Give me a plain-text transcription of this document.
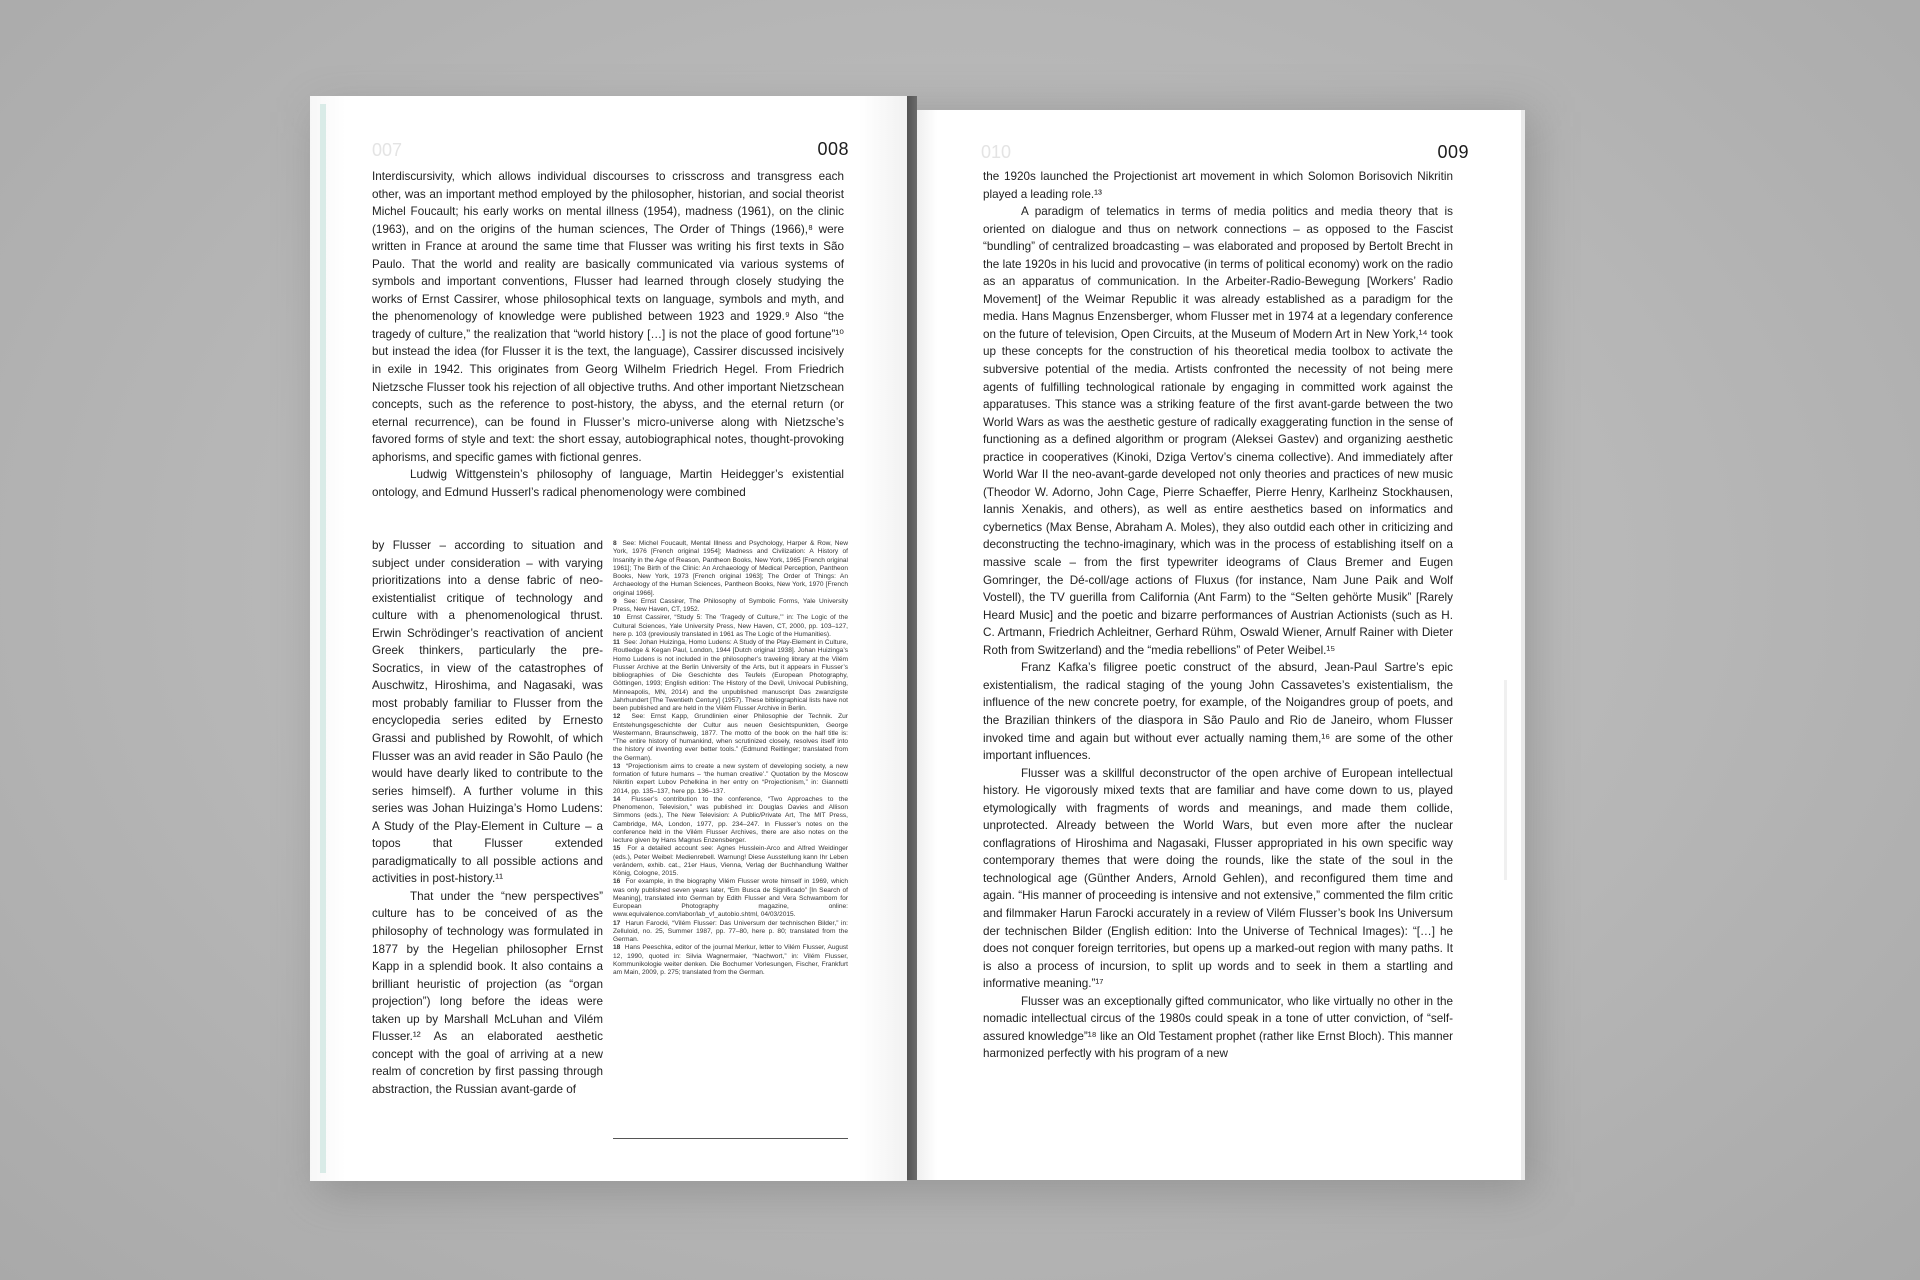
010	009

the 1920s launched the Projectionist art movement in which Solomon Borisovich Nikritin played a leading role.¹³

A paradigm of telematics in terms of media politics and media theory that is oriented on dialogue and thus on network connections – as opposed to the Fascist “bundling” of centralized broadcasting – was elaborated and proposed by Bertolt Brecht in the late 1920s in his lucid and provocative (in terms of political economy) work on the radio as an apparatus of communication. In the Arbeiter-Radio-Bewegung [Workers’ Radio Movement] of the Weimar Republic it was already established as a paradigm for the media. Hans Magnus Enzensberger, whom Flusser met in 1974 at a legendary conference on the future of television, Open Circuits, at the Museum of Modern Art in New York,¹⁴ took up these concepts for the construction of his theoretical media toolbox to activate the subversive potential of the media. Artists confronted the necessity of not being mere agents of fulfilling technological rationale by engaging in committed work against the apparatuses. This stance was a striking feature of the first avant-garde between the two World Wars as was the aesthetic gesture of radically exaggerating function in the sense of functioning as a defined algorithm or program (Aleksei Gastev) and organizing aesthetic practice in cooperatives (Kinoki, Dziga Vertov’s cinema collective). And immediately after World War II the neo-avant-garde developed not only theories and practices of new music (Theodor W. Adorno, John Cage, Pierre Schaeffer, Pierre Henry, Karlheinz Stockhausen, Iannis Xenakis, and others), as well as entire aesthetics based on informatics and cybernetics (Max Bense, Abraham A. Moles), they also outdid each other in criticizing and deconstructing the techno-imaginary, which was in the process of establishing itself on a massive scale – from the first typewriter ideograms of Claus Bremer and Eugen Gomringer, the Dé-coll/age actions of Fluxus (for instance, Nam June Paik and Wolf Vostell), the TV guerilla from California (Ant Farm) to the “Selten gehörte Musik” [Rarely Heard Music] and the poetic and bizarre performances of Austrian Actionists (such as H. C. Artmann, Friedrich Achleitner, Gerhard Rühm, Oswald Wiener, Arnulf Rainer with Dieter Roth from Switzerland) and the “media rebellions” of Peter Weibel.¹⁵

Franz Kafka’s filigree poetic construct of the absurd, Jean-Paul Sartre’s epic existentialism, the radical staging of the young John Cassavetes’s existentialism, the influence of the new concrete poetry, for example, of the Noigandres group of poets, and the Brazilian thinkers of the diaspora in São Paulo and Rio de Janeiro, whom Flusser invoked time and again but without ever actually naming them,¹⁶ are some of the other important influences.

Flusser was a skillful deconstructor of the open archive of European intellectual history. He vigorously mixed texts that are familiar and have come down to us, played etymologically with fragments of words and meanings, and made them collide, unprotected. Already between the World Wars, but even more after the nuclear conflagrations of Hiroshima and Nagasaki, Flusser appropriated in his own specific way contemporary themes that were doing the rounds, like the state of the soul in the technological age (Günther Anders, Arnold Gehlen), and reconfigured them time and again. “His manner of proceeding is intensive and not extensive,” commented the film critic and filmmaker Harun Farocki accurately in a review of Vilém Flusser’s book Ins Universum der technischen Bilder (English edition: Into the Universe of Technical Images): “[…] he does not conquer foreign territories, but opens up a marked-out region with many paths. It is also a process of incursion, to split up words and to seek in them a startling and informative meaning.”¹⁷

Flusser was an exceptionally gifted communicator, who like virtually no other in the nomadic intellectual circus of the 1980s could speak in a tone of utter conviction, of “self-assured knowledge”¹⁸ like an Old Testament prophet (rather like Ernst Bloch). This manner harmonized perfectly with his program of a new

007	008

Interdiscursivity, which allows individual discourses to crisscross and transgress each other, was an important method employed by the philosopher, historian, and social theorist Michel Foucault; his early works on mental illness (1954), madness (1961), on the clinic (1963), and on the origins of the human sciences, The Order of Things (1966),⁸ were written in France at around the same time that Flusser was writing his first texts in São Paulo. That the world and reality are basically communicated via various systems of symbols and important conventions, Flusser had learned through closely studying the works of Ernst Cassirer, whose philosophical texts on language, symbols and myth, and the phenomenology of knowledge were published between 1923 and 1929.⁹ Also “the tragedy of culture,” the realization that “world history […] is not the place of good fortune”¹⁰ but instead the idea (for Flusser it is the text, the language), Cassirer discussed incisively in exile in 1942. This originates from Georg Wilhelm Friedrich Hegel. From Friedrich Nietzsche Flusser took his rejection of all objective truths. And other important Nietzschean concepts, such as the reference to post-history, the abyss, and the eternal return (or eternal recurrence), can be found in Flusser’s micro-universe along with Nietzsche’s favored forms of style and text: the short essay, autobiographical notes, thought-provoking aphorisms, and specific games with fictional genres.

Ludwig Wittgenstein’s philosophy of language, Martin Heidegger’s existential ontology, and Edmund Husserl’s radical phenomenology were combined

by Flusser – according to situation and subject under consideration – with varying prioritizations into a dense fabric of neo-existentialist critique of technology and culture with a phenomenological thrust. Erwin Schrödinger’s reactivation of ancient Greek thinkers, particularly the pre-Socratics, in view of the catastrophes of Auschwitz, Hiroshima, and Nagasaki, was most probably familiar to Flusser from the encyclopedia series edited by Ernesto Grassi and published by Rowohlt, of which Flusser was an avid reader in São Paulo (he would have dearly liked to contribute to the series himself). A further volume in this series was Johan Huizinga’s Homo Ludens: A Study of the Play-Element in Culture – a topos that Flusser extended paradigmatically to all possible actions and activities in post-history.¹¹

That under the “new perspectives” culture has to be conceived of as the philosophy of technology was formulated in 1877 by the Hegelian philosopher Ernst Kapp in a splendid book. It also contains a brilliant heuristic of projection (as “organ projection”) long before the ideas were taken up by Marshall McLuhan and Vilém Flusser.¹² As an elaborated aesthetic concept with the goal of arriving at a new realm of concretion by first passing through abstraction, the Russian avant-garde of

8 See: Michel Foucault, Mental Illness and Psychology, Harper & Row, New York, 1976 [French original 1954]; Madness and Civilization: A History of Insanity in the Age of Reason, Pantheon Books, New York, 1965 [French original 1961]; The Birth of the Clinic: An Archaeology of Medical Perception, Pantheon Books, New York, 1973 [French original 1963]; The Order of Things: An Archaeology of the Human Sciences, Pantheon Books, New York, 1970 [French original 1966].

9 See: Ernst Cassirer, The Philosophy of Symbolic Forms, Yale University Press, New Haven, CT, 1952.

10 Ernst Cassirer, “Study 5: The ‘Tragedy of Culture,’” in: The Logic of the Cultural Sciences, Yale University Press, New Haven, CT, 2000, pp. 103–127, here p. 103 (previously translated in 1961 as The Logic of the Humanities).

11 See: Johan Huizinga, Homo Ludens: A Study of the Play-Element in Culture, Routledge & Kegan Paul, London, 1944 [Dutch original 1938]. Johan Huizinga’s Homo Ludens is not included in the philosopher’s traveling library at the Vilém Flusser Archive at the Berlin University of the Arts, but it appears in Flusser’s bibliographies of Die Geschichte des Teufels (European Photography, Göttingen, 1993; English edition: The History of the Devil, Univocal Publishing, Minneapolis, MN, 2014) and the unpublished manuscript Das zwanzigste Jahrhundert [The Twentieth Century] (1957). These bibliographical lists have not been published and are held in the Vilém Flusser Archive in Berlin.

12 See: Ernst Kapp, Grundlinien einer Philosophie der Technik. Zur Entstehungsgeschichte der Cultur aus neuen Gesichtspunkten, George Westermann, Braunschweig, 1877. The motto of the book on the half title is: “The entire history of humankind, when scrutinized closely, resolves itself into the history of inventing ever better tools.” (Edmund Reitlinger; translated from the German).

13 “Projectionism aims to create a new system of developing society, a new formation of future humans – ‘the human creative’.” Quotation by the Moscow Nikritin expert Lubov Pchelkina in her entry on “Projectionism,” in: Giannetti 2014, pp. 135–137, here pp. 136–137.

14 Flusser’s contribution to the conference, “Two Approaches to the Phenomenon, Television,” was published in: Douglas Davies and Allison Simmons (eds.), The New Television: A Public/Private Art, The MIT Press, Cambridge, MA, London, 1977, pp. 234–247. In Flusser’s notes on the conference held in the Vilém Flusser Archives, there are also notes on the lecture given by Hans Magnus Enzensberger.

15 For a detailed account see: Agnes Husslein-Arco and Alfred Weidinger (eds.), Peter Weibel: Medienrebell. Warnung! Diese Ausstellung kann Ihr Leben verändern, exhib. cat., 21er Haus, Vienna, Verlag der Buchhandlung Walther König, Cologne, 2015.

16 For example, in the biography Vilém Flusser wrote himself in 1969, which was only published seven years later, “Em Busca de Significado” [In Search of Meaning], translated into German by Edith Flusser and Vera Schwamborn for European Photography magazine, online: www.equivalence.com/labor/lab_vf_autobio.shtml, 04/03/2015.

17 Harun Farocki, “Vilém Flusser: Das Universum der technischen Bilder,” in: Zelluloid, no. 25, Summer 1987, pp. 77–80, here p. 80; translated from the German.

18 Hans Peeschka, editor of the journal Merkur, letter to Vilém Flusser, August 12, 1990, quoted in: Silvia Wagnermaier, “Nachwort,” in: Vilém Flusser, Kommunikologie weiter denken. Die Bochumer Vorlesungen, Fischer, Frankfurt am Main, 2009, p. 275; translated from the German.
